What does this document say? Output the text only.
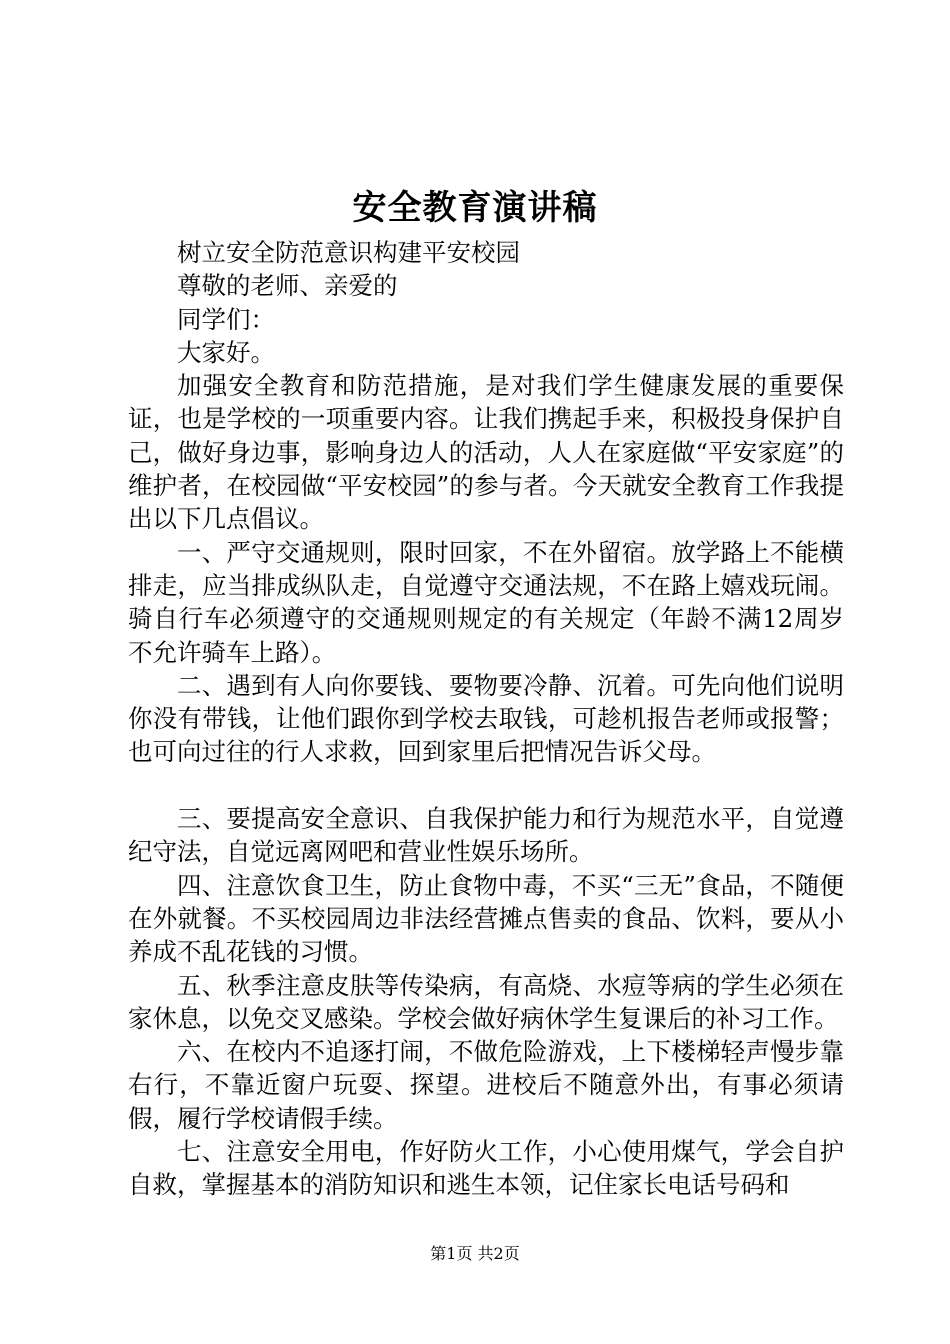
安全教育演讲稿

树立安全防范意识构建平安校园

尊敬的老师、亲爱的

同学们：

大家好。

加强安全教育和防范措施，是对我们学生健康发展的重要保证，也是学校的一项重要内容。让我们携起手来，积极投身保护自己，做好身边事，影响身边人的活动，人人在家庭做“平安家庭”的维护者，在校园做“平安校园”的参与者。今天就安全教育工作我提出以下几点倡议。

一、严守交通规则，限时回家，不在外留宿。放学路上不能横排走，应当排成纵队走，自觉遵守交通法规，不在路上嬉戏玩闹。骑自行车必须遵守的交通规则规定的有关规定（年龄不满12周岁不允许骑车上路）。

二、遇到有人向你要钱、要物要冷静、沉着。可先向他们说明你没有带钱，让他们跟你到学校去取钱，可趁机报告老师或报警；也可向过往的行人求救，回到家里后把情况告诉父母。

三、要提高安全意识、自我保护能力和行为规范水平，自觉遵纪守法，自觉远离网吧和营业性娱乐场所。

四、注意饮食卫生，防止食物中毒，不买“三无”食品，不随便在外就餐。不买校园周边非法经营摊点售卖的食品、饮料，要从小养成不乱花钱的习惯。

五、秋季注意皮肤等传染病，有高烧、水痘等病的学生必须在家休息，以免交叉感染。学校会做好病休学生复课后的补习工作。

六、在校内不追逐打闹，不做危险游戏，上下楼梯轻声慢步靠右行，不靠近窗户玩耍、探望。进校后不随意外出，有事必须请假，履行学校请假手续。

七、注意安全用电，作好防火工作，小心使用煤气，学会自护自救，掌握基本的消防知识和逃生本领，记住家长电话号码和

第1页 共2页
